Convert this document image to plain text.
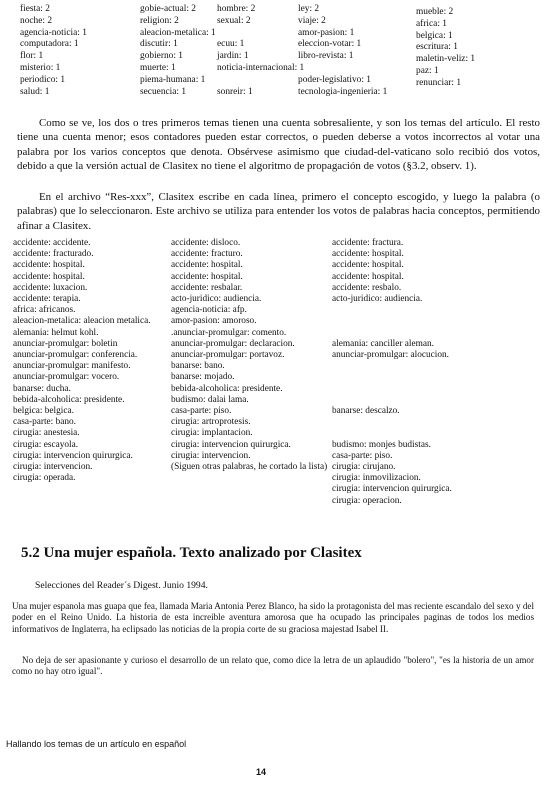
fiesta: 2
noche: 2
agencia-noticia: 1
computadora: 1
flor: 1
misterio: 1
periodico: 1
salud: 1
gobie-actual: 2
religion: 2
aleacion-metalica: 1
discutir: 1
gobierno: 1
muerte: 1
piema-humana: 1
secuencia: 1
hombre: 2
sexual: 2

ecuu: 1
jardin: 1
noticia-internacional: 1

sonreir: 1
ley: 2
viaje: 2
amor-pasion: 1
eleccion-votar: 1
libro-revista: 1

poder-legislativo: 1
tecnologia-ingenieria: 1
mueble: 2
africa: 1
belgica: 1
escritura: 1
maletin-veliz: 1
paz: 1
renunciar: 1
Como se ve, los dos o tres primeros temas tienen una cuenta sobresaliente, y son los temas del artículo. El resto tiene una cuenta menor; esos contadores pueden estar correctos, o pueden deberse a votos incorrectos al votar una palabra por los varios conceptos que denota. Obsérvese asimismo que ciudad-del-vaticano solo recibió dos votos, debido a que la versión actual de Clasitex no tiene el algoritmo de propagación de votos (§3.2, observ. 1).
En el archivo “Res-xxx”, Clasitex escribe en cada línea, primero el concepto escogido, y luego la palabra (o palabras) que lo seleccionaron. Este archivo se utiliza para entender los votos de palabras hacia conceptos, permitiendo afinar a Clasitex.
accidente: accidente.
accidente: fracturado.
accidente: hospital.
accidente: hospital.
accidente: luxacion.
accidente: terapia.
africa: africanos.
aleacion-metalica: aleacion metalica.
alemania: helmut kohl.
anunciar-promulgar: boletin
anunciar-promulgar: conferencia.
anunciar-promulgar: manifesto.
anunciar-promulgar: vocero.
banarse: ducha.
bebida-alcoholica: presidente.
belgica: belgica.
casa-parte: bano.
cirugia: anestesia.
cirugia: escayola.
cirugia: intervencion quirurgica.
cirugia: intervencion.
cirugia: operada.
accidente: disloco.
accidente: fracturo.
accidente: hospital.
accidente: hospital.
accidente: resbalar.
acto-juridico: audiencia.
agencia-noticia: afp.
amor-pasion: amoroso.
.anunciar-promulgar: comento.
anunciar-promulgar: declaracion.
anunciar-promulgar: portavoz.
banarse: bano.
banarse: mojado.
bebida-alcoholica: presidente.
budismo: dalai lama.
casa-parte: piso.
cirugia: artroprotesis.
cirugia: implantacion.
cirugia: intervencion quirurgica.
cirugia: intervencion.
(Siguen otras palabras, he cortado la lista)
accidente: fractura.
accidente: hospital.
accidente: hospital.
accidente: hospital.
accidente: resbalo.
acto-juridico: audiencia.
alemania: canciller aleman.
anunciar-promulgar: alocucion.
banarse: descalzo.
budismo: monjes budistas.
casa-parte: piso.
cirugia: cirujano.
cirugia: inmovilizacion.
cirugia: intervencion quirurgica.
cirugia: operacion.
5.2 Una mujer española. Texto analizado por Clasitex
Selecciones del Reader´s Digest. Junio 1994.
Una mujer espanola mas guapa que fea, llamada Maria Antonia Perez Blanco, ha sido la protagonista del mas reciente escandalo del sexo y del poder en el Reino Unido. La historia de esta increible aventura amorosa que ha ocupado las principales paginas de todos los medios informativos de Inglaterra, ha eclipsado las noticias de la propia corte de su graciosa majestad Isabel II.
No deja de ser apasionante y curioso el desarrollo de un relato que, como dice la letra de un aplaudido "bolero", "es la historia de un amor como no hay otro igual".
Hallando los temas de un artículo en español
14
